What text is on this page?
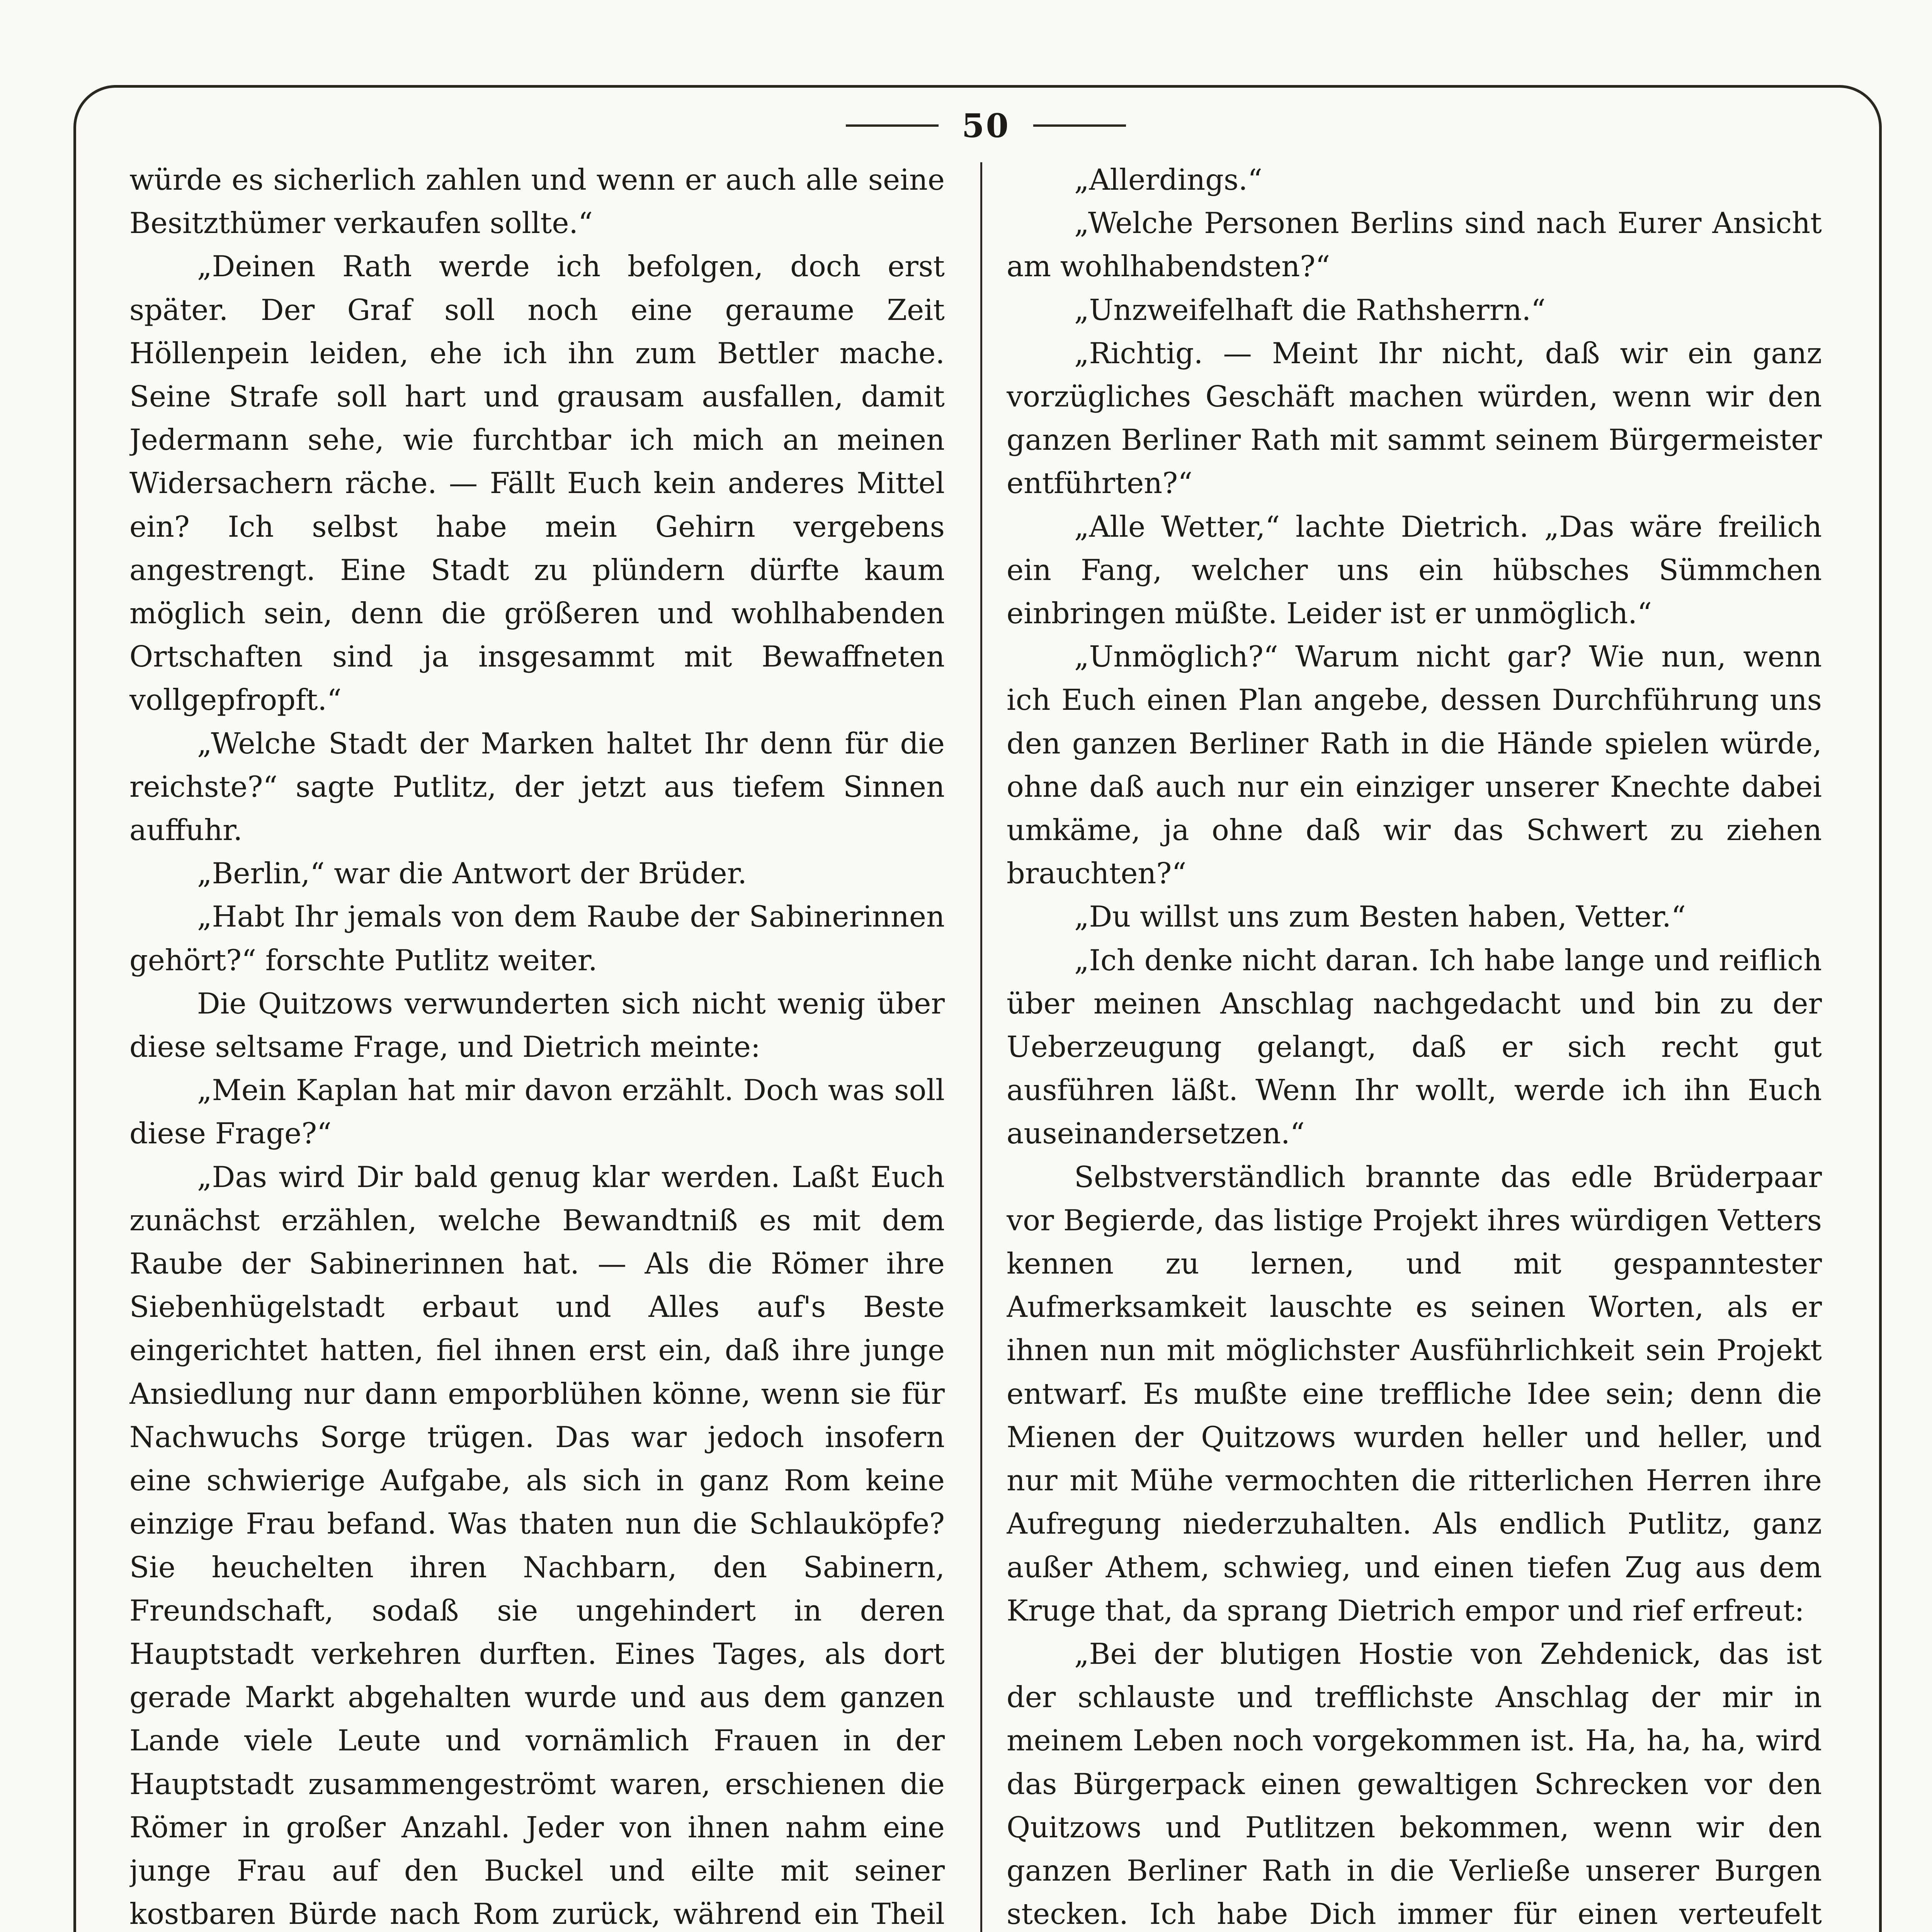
50

würde es sicherlich zahlen und wenn er auch alle seine Besitzthümer verkaufen sollte.“

„Deinen Rath werde ich befolgen, doch erst später. Der Graf soll noch eine geraume Zeit Höllenpein leiden, ehe ich ihn zum Bettler mache. Seine Strafe soll hart und grausam ausfallen, damit Jedermann sehe, wie furchtbar ich mich an meinen Widersachern räche. — Fällt Euch kein anderes Mittel ein? Ich selbst habe mein Gehirn vergebens angestrengt. Eine Stadt zu plündern dürfte kaum möglich sein, denn die größeren und wohlhabenden Ortschaften sind ja insgesammt mit Bewaffneten vollgepfropft.“

„Welche Stadt der Marken haltet Ihr denn für die reichste?“ sagte Putlitz, der jetzt aus tiefem Sinnen auffuhr.

„Berlin,“ war die Antwort der Brüder.

„Habt Ihr jemals von dem Raube der Sabinerinnen gehört?“ forschte Putlitz weiter.

Die Quitzows verwunderten sich nicht wenig über diese seltsame Frage, und Dietrich meinte:

„Mein Kaplan hat mir davon erzählt. Doch was soll diese Frage?“

„Das wird Dir bald genug klar werden. Laßt Euch zunächst erzählen, welche Bewandtniß es mit dem Raube der Sabinerinnen hat. — Als die Römer ihre Siebenhügelstadt erbaut und Alles auf's Beste eingerichtet hatten, fiel ihnen erst ein, daß ihre junge Ansiedlung nur dann emporblühen könne, wenn sie für Nachwuchs Sorge trügen. Das war jedoch insofern eine schwierige Aufgabe, als sich in ganz Rom keine einzige Frau befand. Was thaten nun die Schlauköpfe? Sie heuchelten ihren Nachbarn, den Sabinern, Freundschaft, sodaß sie ungehindert in deren Hauptstadt verkehren durften. Eines Tages, als dort gerade Markt abgehalten wurde und aus dem ganzen Lande viele Leute und vornämlich Frauen in der Hauptstadt zusammengeströmt waren, erschienen die Römer in großer Anzahl. Jeder von ihnen nahm eine junge Frau auf den Buckel und eilte mit seiner kostbaren Bürde nach Rom zurück, während ein Theil

„Allerdings.“

„Welche Personen Berlins sind nach Eurer Ansicht am wohlhabendsten?“

„Unzweifelhaft die Rathsherrn.“

„Richtig. — Meint Ihr nicht, daß wir ein ganz vorzügliches Geschäft machen würden, wenn wir den ganzen Berliner Rath mit sammt seinem Bürgermeister entführten?“

„Alle Wetter,“ lachte Dietrich. „Das wäre freilich ein Fang, welcher uns ein hübsches Sümmchen einbringen müßte. Leider ist er unmöglich.“

„Unmöglich?“ Warum nicht gar? Wie nun, wenn ich Euch einen Plan angebe, dessen Durchführung uns den ganzen Berliner Rath in die Hände spielen würde, ohne daß auch nur ein einziger unserer Knechte dabei umkäme, ja ohne daß wir das Schwert zu ziehen brauchten?“

„Du willst uns zum Besten haben, Vetter.“

„Ich denke nicht daran. Ich habe lange und reiflich über meinen Anschlag nachgedacht und bin zu der Ueberzeugung gelangt, daß er sich recht gut ausführen läßt. Wenn Ihr wollt, werde ich ihn Euch auseinandersetzen.“

Selbstverständlich brannte das edle Brüderpaar vor Begierde, das listige Projekt ihres würdigen Vetters kennen zu lernen, und mit gespanntester Aufmerksamkeit lauschte es seinen Worten, als er ihnen nun mit möglichster Ausführlichkeit sein Projekt entwarf. Es mußte eine treffliche Idee sein; denn die Mienen der Quitzows wurden heller und heller, und nur mit Mühe vermochten die ritterlichen Herren ihre Aufregung niederzuhalten. Als endlich Putlitz, ganz außer Athem, schwieg, und einen tiefen Zug aus dem Kruge that, da sprang Dietrich empor und rief erfreut:

„Bei der blutigen Hostie von Zehdenick, das ist der schlauste und trefflichste Anschlag der mir in meinem Leben noch vorgekommen ist. Ha, ha, ha, wird das Bürgerpack einen gewaltigen Schrecken vor den Quitzows und Putlitzen bekommen, wenn wir den ganzen Berliner Rath in die Verließe unserer Burgen stecken. Ich habe Dich immer für einen verteufelt
